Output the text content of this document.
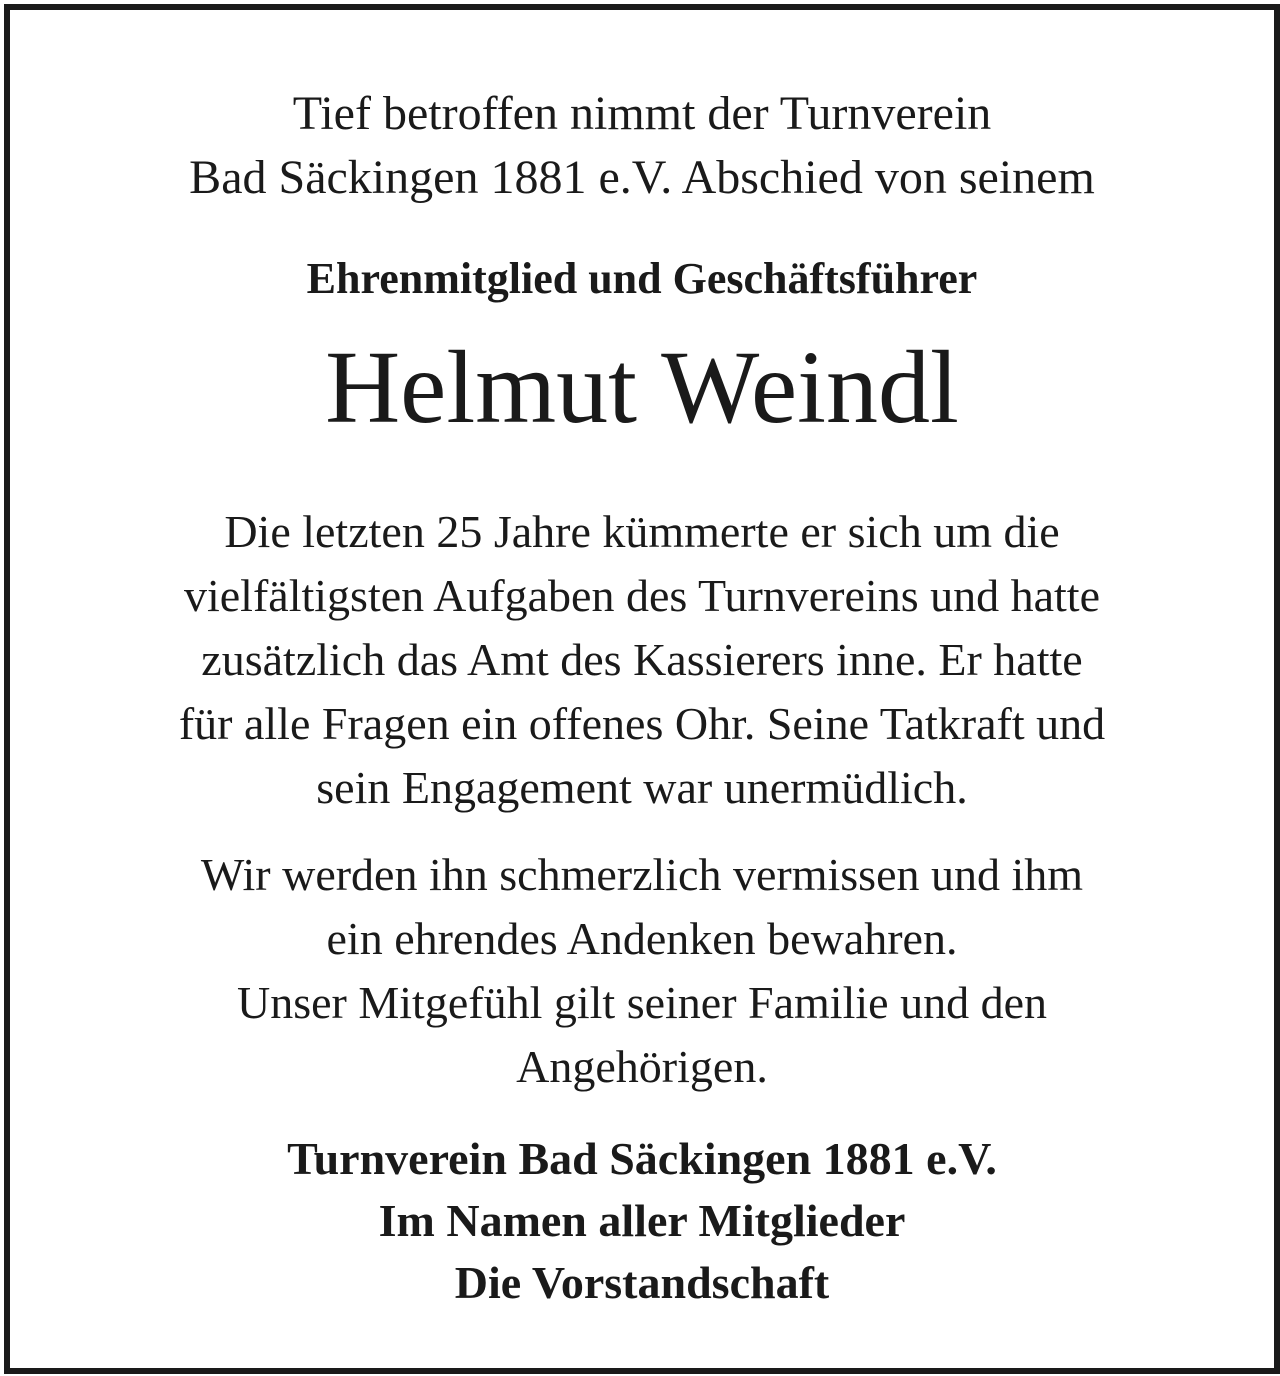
Tief betroffen nimmt der Turnverein
Bad Säckingen 1881 e.V. Abschied von seinem
Ehrenmitglied und Geschäftsführer
Helmut Weindl
Die letzten 25 Jahre kümmerte er sich um die
vielfältigsten Aufgaben des Turnvereins und hatte
zusätzlich das Amt des Kassierers inne. Er hatte
für alle Fragen ein offenes Ohr. Seine Tatkraft und
sein Engagement war unermüdlich.
Wir werden ihn schmerzlich vermissen und ihm
ein ehrendes Andenken bewahren.
Unser Mitgefühl gilt seiner Familie und den
Angehörigen.
Turnverein Bad Säckingen 1881 e.V.
Im Namen aller Mitglieder
Die Vorstandschaft
